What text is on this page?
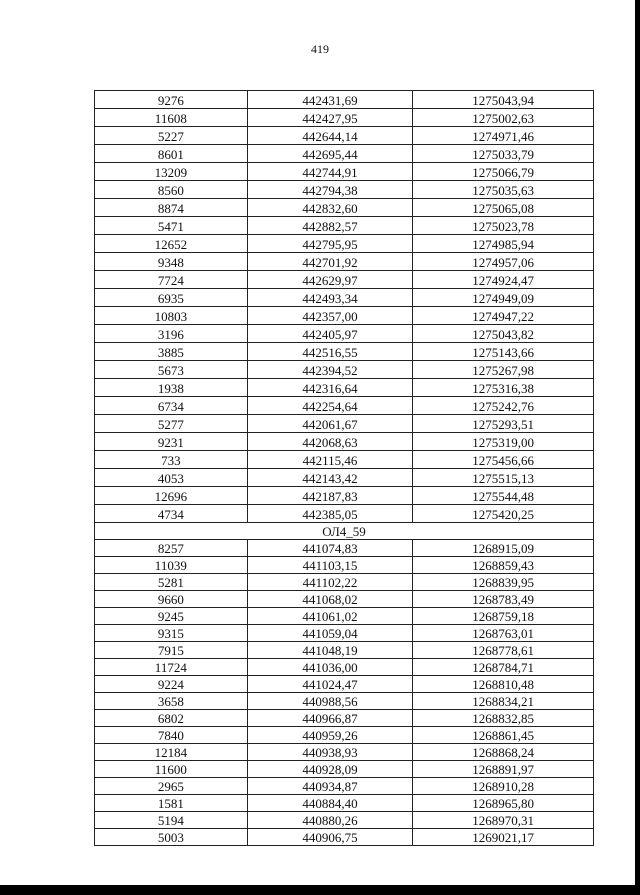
419
9276	442431,69	1275043,94
11608	442427,95	1275002,63
5227	442644,14	1274971,46
8601	442695,44	1275033,79
13209	442744,91	1275066,79
8560	442794,38	1275035,63
8874	442832,60	1275065,08
5471	442882,57	1275023,78
12652	442795,95	1274985,94
9348	442701,92	1274957,06
7724	442629,97	1274924,47
6935	442493,34	1274949,09
10803	442357,00	1274947,22
3196	442405,97	1275043,82
3885	442516,55	1275143,66
5673	442394,52	1275267,98
1938	442316,64	1275316,38
6734	442254,64	1275242,76
5277	442061,67	1275293,51
9231	442068,63	1275319,00
733	442115,46	1275456,66
4053	442143,42	1275515,13
12696	442187,83	1275544,48
4734	442385,05	1275420,25
ОЛ4_59		
8257	441074,83	1268915,09
11039	441103,15	1268859,43
5281	441102,22	1268839,95
9660	441068,02	1268783,49
9245	441061,02	1268759,18
9315	441059,04	1268763,01
7915	441048,19	1268778,61
11724	441036,00	1268784,71
9224	441024,47	1268810,48
3658	440988,56	1268834,21
6802	440966,87	1268832,85
7840	440959,26	1268861,45
12184	440938,93	1268868,24
11600	440928,09	1268891,97
2965	440934,87	1268910,28
1581	440884,40	1268965,80
5194	440880,26	1268970,31
5003	440906,75	1269021,17
